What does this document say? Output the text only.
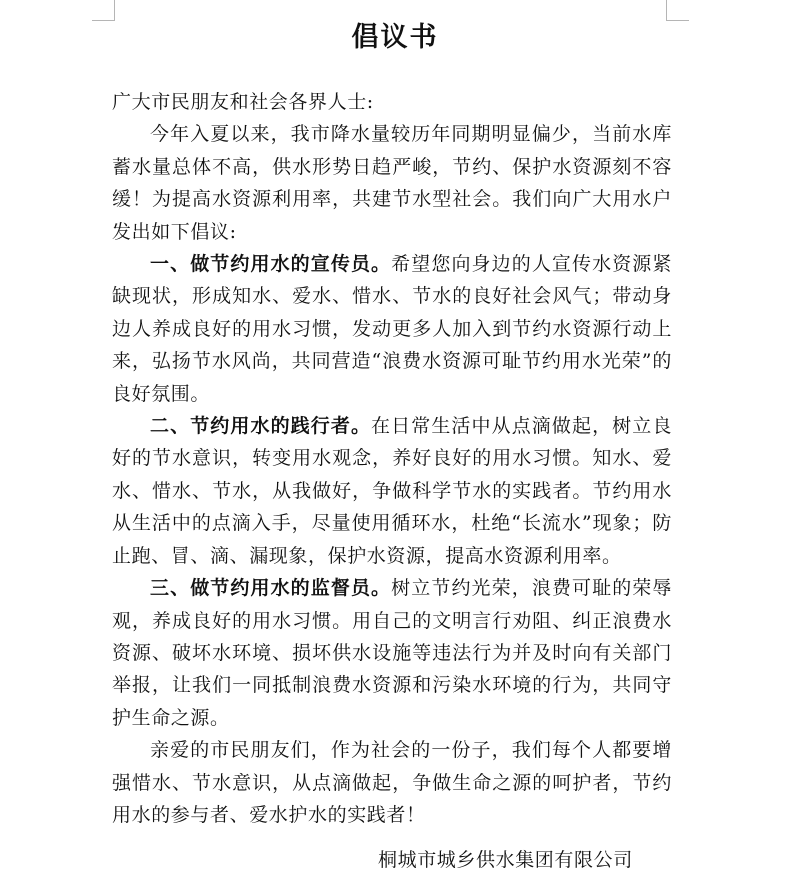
倡议书

广大市民朋友和社会各界人士:

今年入夏以来，我市降水量较历年同期明显偏少，当前水库蓄水量总体不高，供水形势日趋严峻，节约、保护水资源刻不容缓！为提高水资源利用率，共建节水型社会。我们向广大用水户发出如下倡议:

一、做节约用水的宣传员。希望您向身边的人宣传水资源紧缺现状，形成知水、爱水、惜水、节水的良好社会风气；带动身边人养成良好的用水习惯，发动更多人加入到节约水资源行动上来，弘扬节水风尚，共同营造“浪费水资源可耻节约用水光荣”的良好氛围。

二、节约用水的践行者。在日常生活中从点滴做起，树立良好的节水意识，转变用水观念，养好良好的用水习惯。知水、爱水、惜水、节水，从我做好，争做科学节水的实践者。节约用水从生活中的点滴入手，尽量使用循环水，杜绝“长流水”现象；防止跑、冒、滴、漏现象，保护水资源，提高水资源利用率。

三、做节约用水的监督员。树立节约光荣，浪费可耻的荣辱观，养成良好的用水习惯。用自己的文明言行劝阻、纠正浪费水资源、破坏水环境、损坏供水设施等违法行为并及时向有关部门举报，让我们一同抵制浪费水资源和污染水环境的行为，共同守护生命之源。

亲爱的市民朋友们，作为社会的一份子，我们每个人都要增强惜水、节水意识，从点滴做起，争做生命之源的呵护者，节约用水的参与者、爱水护水的实践者！

桐城市城乡供水集团有限公司
